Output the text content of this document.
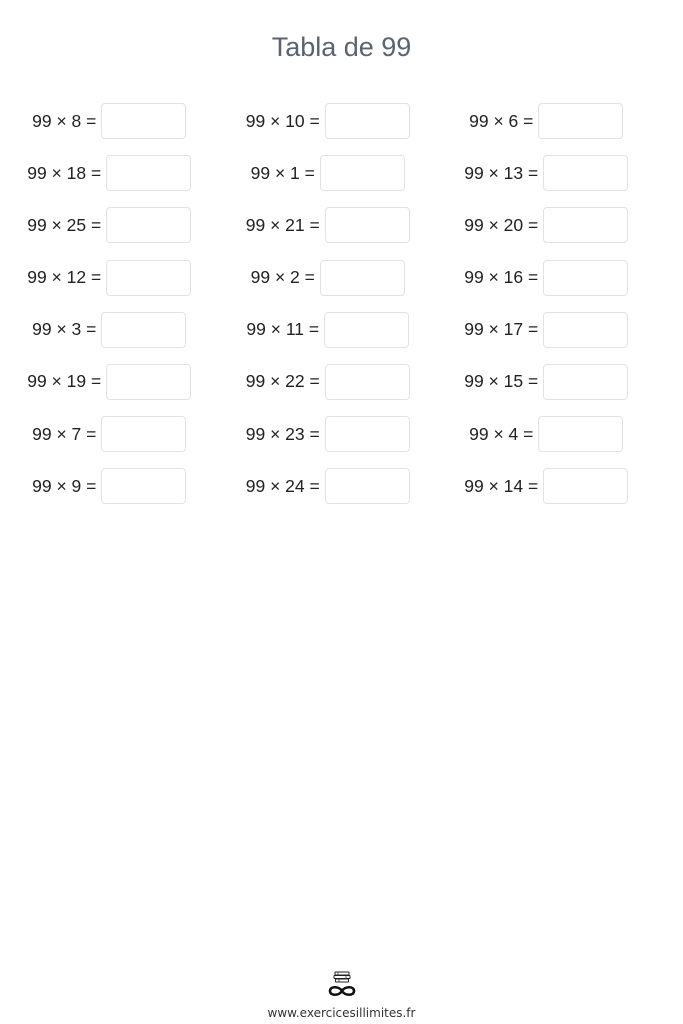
Tabla de 99
99 × 8 =	99 × 10 =	99 × 6 =
99 × 18 =	99 × 1 =	99 × 13 =
99 × 25 =	99 × 21 =	99 × 20 =
99 × 12 =	99 × 2 =	99 × 16 =
99 × 3 =	99 × 11 =	99 × 17 =
99 × 19 =	99 × 22 =	99 × 15 =
99 × 7 =	99 × 23 =	99 × 4 =
99 × 9 =	99 × 24 =	99 × 14 =
www.exercicesillimites.fr
